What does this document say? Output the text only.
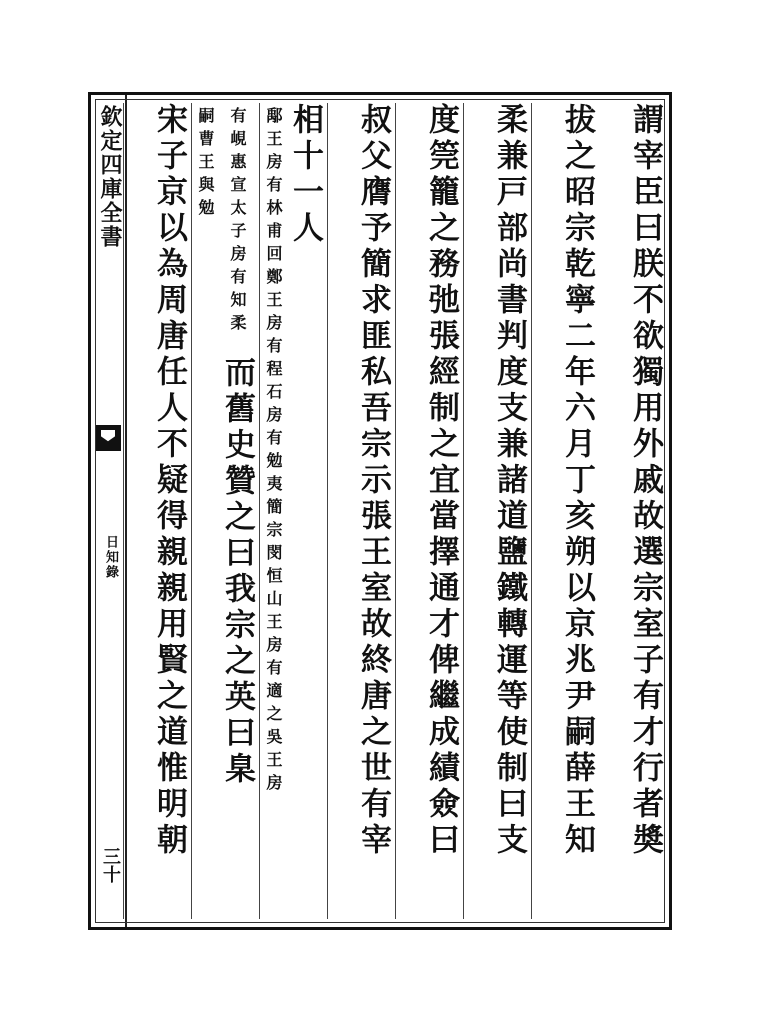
欽定四庫全書
日知錄
三十
謂宰臣曰朕不欲獨用外戚故選宗室子有才行者奬
拔之昭宗乾寧二年六月丁亥朔以京兆尹嗣薛王知
柔兼戸部尚書判度支兼諸道鹽鐵轉運等使制曰支
度筦籠之務弛張經制之宜當擇通才俾繼成績僉曰
叔父膺予簡求匪私吾宗示張王室故終唐之世有宰
相十一人
鄅王房有林甫回鄭王房有程石
房有勉夷簡宗閔恒山王房有適之吳王房
有峴惠宣太
子房有知柔
而舊史贊之曰我宗之英曰臬
嗣曹王
與勉
宋子京以為周唐任人不疑得親親用賢之道惟明朝
